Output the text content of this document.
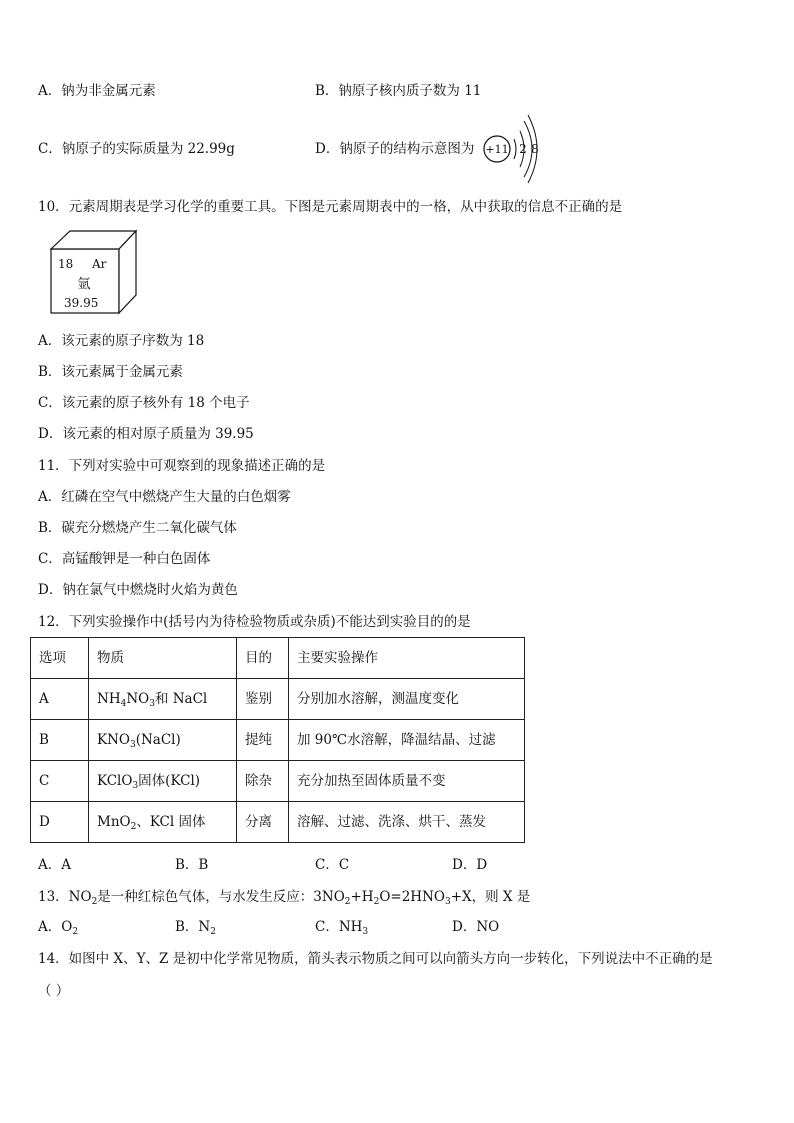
A．钠为非金属元素	B．钠原子核内质子数为 11
C．钠原子的实际质量为 22.99g	D．钠原子的结构示意图为 +11 2 8
10．元素周期表是学习化学的重要工具。下图是元素周期表中的一格，从中获取的信息不正确的是
18 Ar
氩
39.95
A．该元素的原子序数为 18
B．该元素属于金属元素
C．该元素的原子核外有 18 个电子
D．该元素的相对原子质量为 39.95
11．下列对实验中可观察到的现象描述正确的是
A．红磷在空气中燃烧产生大量的白色烟雾
B．碳充分燃烧产生二氧化碳气体
C．高锰酸钾是一种白色固体
D．钠在氯气中燃烧时火焰为黄色
12．下列实验操作中(括号内为待检验物质或杂质)不能达到实验目的的是
选项	物质	目的	主要实验操作
A	$NH_4NO_3$和 NaCl	鉴别	分别加水溶解，测温度变化
B	$KNO_3(NaCl)$	提纯	加 90℃水溶解，降温结晶、过滤
C	KClO$_3$固体(KCl)	除杂	充分加热至固体质量不变
D	MnO$_2$、KCl 固体	分离	溶解、过滤、洗涤、烘干、蒸发
A．A	B．B	C．C	D．D
13．$NO_2$是一种红棕色气体，与水发生反应：$3NO_2+H_2O=2HNO_3+X$，则 X 是
A．$O_2$	B．$N_2$	C．$NH_3$	D．NO
14．如图中 X、Y、Z 是初中化学常见物质，箭头表示物质之间可以向箭头方向一步转化，下列说法中不正确的是
（ ）
